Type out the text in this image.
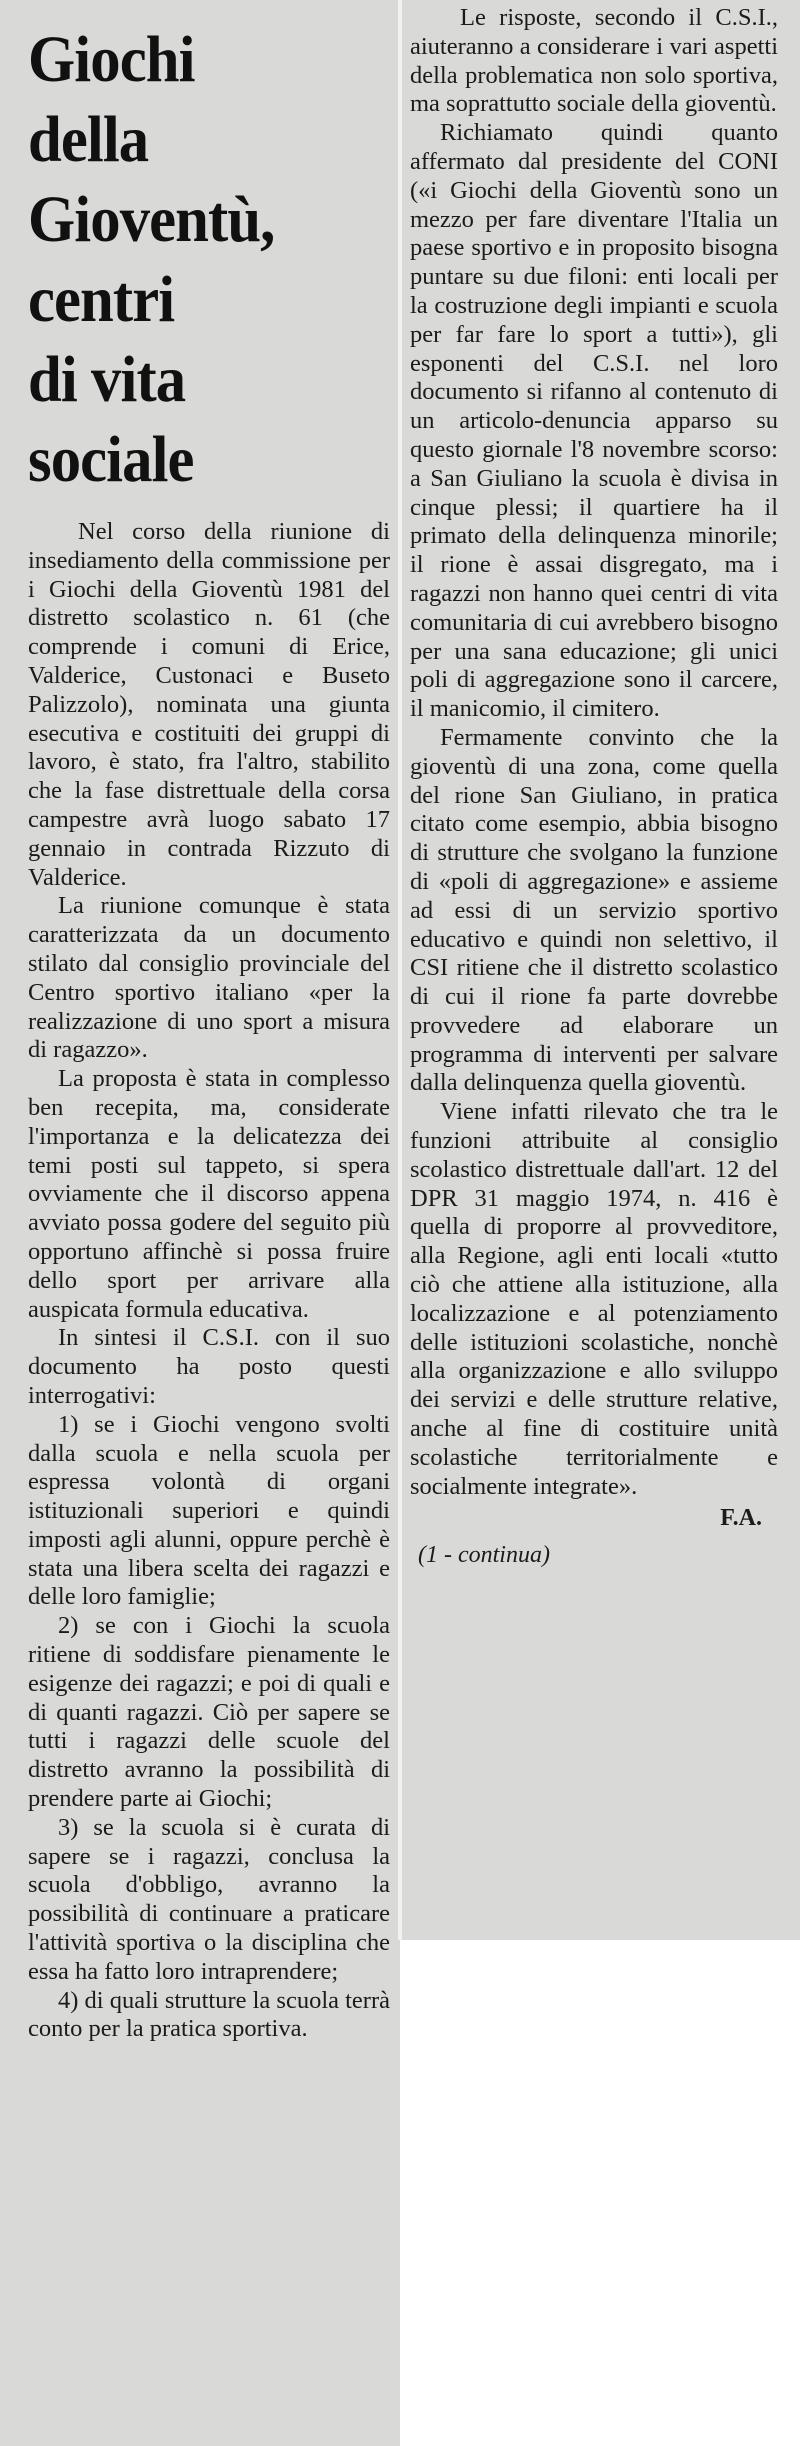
Giochi
della
Gioventù,
centri
di vita
sociale

Nel corso della riunione di insediamento della commissione per i Giochi della Gioventù 1981 del distretto scolastico n. 61 (che comprende i comuni di Erice, Valderice, Custonaci e Buseto Palizzolo), nominata una giunta esecutiva e costituiti dei gruppi di lavoro, è stato, fra l'altro, stabilito che la fase distrettuale della corsa campestre avrà luogo sabato 17 gennaio in contrada Rizzuto di Valderice.

La riunione comunque è stata caratterizzata da un documento stilato dal consiglio provinciale del Centro sportivo italiano «per la realizzazione di uno sport a misura di ragazzo».

La proposta è stata in complesso ben recepita, ma, considerate l'importanza e la delicatezza dei temi posti sul tappeto, si spera ovviamente che il discorso appena avviato possa godere del seguito più opportuno affinchè si possa fruire dello sport per arrivare alla auspicata formula educativa.

In sintesi il C.S.I. con il suo documento ha posto questi interrogativi:

1) se i Giochi vengono svolti dalla scuola e nella scuola per espressa volontà di organi istituzionali superiori e quindi imposti agli alunni, oppure perchè è stata una libera scelta dei ragazzi e delle loro famiglie;

2) se con i Giochi la scuola ritiene di soddisfare pienamente le esigenze dei ragazzi; e poi di quali e di quanti ragazzi. Ciò per sapere se tutti i ragazzi delle scuole del distretto avranno la possibilità di prendere parte ai Giochi;

3) se la scuola si è curata di sapere se i ragazzi, conclusa la scuola d'obbligo, avranno la possibilità di continuare a praticare l'attività sportiva o la disciplina che essa ha fatto loro intraprendere;

4) di quali strutture la scuola terrà conto per la pratica sportiva.

Le risposte, secondo il C.S.I., aiuteranno a considerare i vari aspetti della problematica non solo sportiva, ma soprattutto sociale della gioventù.

Richiamato quindi quanto affermato dal presidente del CONI («i Giochi della Gioventù sono un mezzo per fare diventare l'Italia un paese sportivo e in proposito bisogna puntare su due filoni: enti locali per la costruzione degli impianti e scuola per far fare lo sport a tutti»), gli esponenti del C.S.I. nel loro documento si rifanno al contenuto di un articolo-denuncia apparso su questo giornale l'8 novembre scorso: a San Giuliano la scuola è divisa in cinque plessi; il quartiere ha il primato della delinquenza minorile; il rione è assai disgregato, ma i ragazzi non hanno quei centri di vita comunitaria di cui avrebbero bisogno per una sana educazione; gli unici poli di aggregazione sono il carcere, il manicomio, il cimitero.

Fermamente convinto che la gioventù di una zona, come quella del rione San Giuliano, in pratica citato come esempio, abbia bisogno di strutture che svolgano la funzione di «poli di aggregazione» e assieme ad essi di un servizio sportivo educativo e quindi non selettivo, il CSI ritiene che il distretto scolastico di cui il rione fa parte dovrebbe provvedere ad elaborare un programma di interventi per salvare dalla delinquenza quella gioventù.

Viene infatti rilevato che tra le funzioni attribuite al consiglio scolastico distrettuale dall'art. 12 del DPR 31 maggio 1974, n. 416 è quella di proporre al provveditore, alla Regione, agli enti locali «tutto ciò che attiene alla istituzione, alla localizzazione e al potenziamento delle istituzioni scolastiche, nonchè alla organizzazione e allo sviluppo dei servizi e delle strutture relative, anche al fine di costituire unità scolastiche territorialmente e socialmente integrate».

F.A.
(1 - continua)
